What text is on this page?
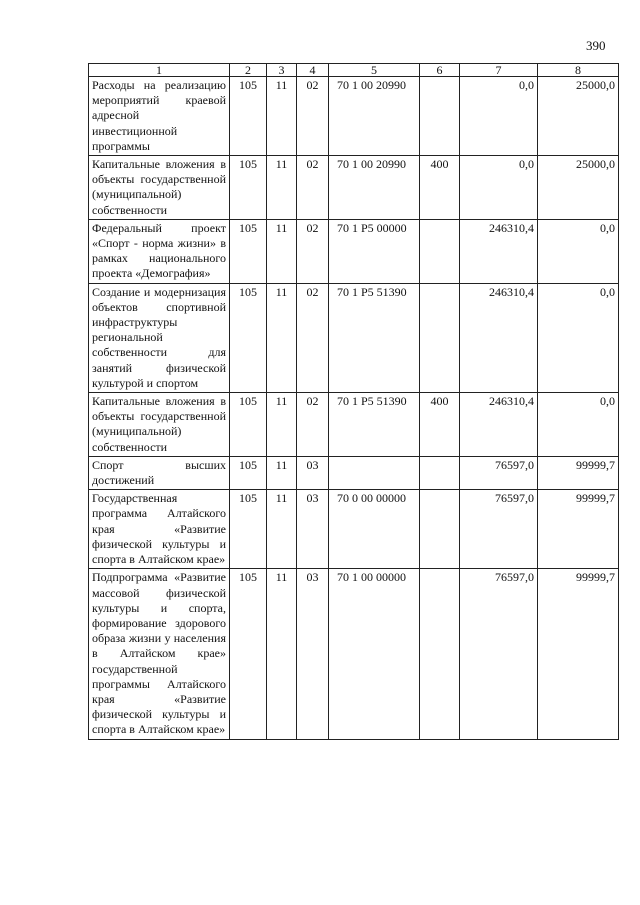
390
1	2	3	4	5	6	7	8
Расходы на реализацию мероприятий краевой адресной инвестиционной программы	105	11	02	70 1 00 20990		0,0	25000,0
Капитальные вложения в объекты государственной (муниципальной) собственности	105	11	02	70 1 00 20990	400	0,0	25000,0
Федеральный проект «Спорт - норма жизни» в рамках национального проекта «Демография»	105	11	02	70 1 P5 00000		246310,4	0,0
Создание и модернизация объектов спортивной инфраструктуры региональной собственности для занятий физической культурой и спортом	105	11	02	70 1 P5 51390		246310,4	0,0
Капитальные вложения в объекты государственной (муниципальной) собственности	105	11	02	70 1 P5 51390	400	246310,4	0,0
Спорт высших достижений	105	11	03			76597,0	99999,7
Государственная программа Алтайского края «Развитие физической культуры и спорта в Алтайском крае»	105	11	03	70 0 00 00000		76597,0	99999,7
Подпрограмма «Развитие массовой физической культуры и спорта, формирование здорового образа жизни у населения в Алтайском крае» государственной программы Алтайского края «Развитие физической культуры и спорта в Алтайском крае»	105	11	03	70 1 00 00000		76597,0	99999,7
